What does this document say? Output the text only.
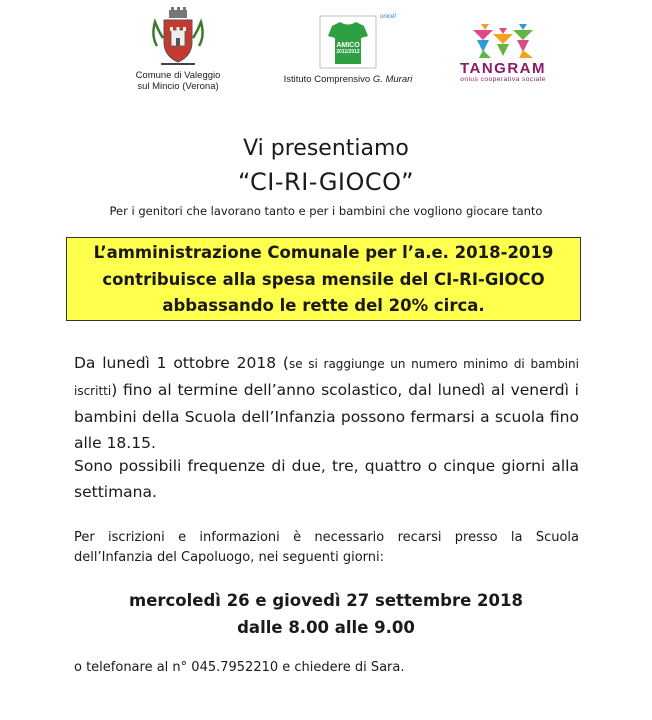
Comune di Valeggio
sul Mincio (Verona)
unicef
AMICO
2011/2012
Istituto Comprensivo G. Murari
TANGRAM
onlus cooperativa sociale
Vi presentiamo
“CI-RI-GIOCO”
Per i genitori che lavorano tanto e per i bambini che vogliono giocare tanto
L’amministrazione Comunale per l’a.e. 2018-2019
contribuisce alla spesa mensile del CI-RI-GIOCO
abbassando le rette del 20% circa.
Da lunedì 1 ottobre 2018 (se si raggiunge un numero minimo di bambini iscritti) fino al termine dell’anno scolastico, dal lunedì al venerdì i bambini della Scuola dell’Infanzia possono fermarsi a scuola fino alle 18.15.
Sono possibili frequenze di due, tre, quattro o cinque giorni alla settimana.
Per iscrizioni e informazioni è necessario recarsi presso la Scuola dell’Infanzia del Capoluogo, nei seguenti giorni:
mercoledì 26 e giovedì 27 settembre 2018
dalle 8.00 alle 9.00
o telefonare al n° 045.7952210 e chiedere di Sara.
